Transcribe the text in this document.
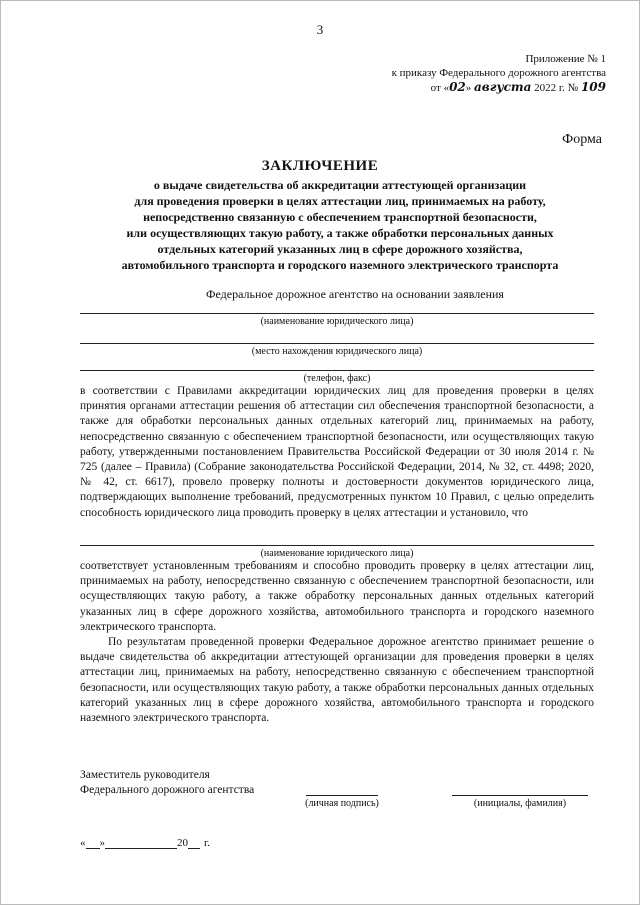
3
Приложение № 1
к приказу Федерального дорожного агентства
от «02» августа 2022 г. № 109
Форма
ЗАКЛЮЧЕНИЕ
о выдаче свидетельства об аккредитации аттестующей организации
для проведения проверки в целях аттестации лиц, принимаемых на работу,
непосредственно связанную с обеспечением транспортной безопасности,
или осуществляющих такую работу, а также обработки персональных данных
отдельных категорий указанных лиц в сфере дорожного хозяйства,
автомобильного транспорта и городского наземного электрического транспорта
Федеральное дорожное агентство на основании заявления
(наименование юридического лица)
(место нахождения юридического лица)
(телефон, факс)

в соответствии с Правилами аккредитации юридических лиц для проведения проверки в целях принятия органами аттестации решения об аттестации сил обеспечения транспортной безопасности, а также для обработки персональных данных отдельных категорий лиц, принимаемых на работу, непосредственно связанную с обеспечением транспортной безопасности, или осуществляющих такую работу, утвержденными постановлением Правительства Российской Федерации от 30 июля 2014 г. № 725 (далее – Правила) (Собрание законодательства Российской Федерации, 2014, № 32, ст. 4498; 2020, № 42, ст. 6617), провело проверку полноты и достоверности документов юридического лица, подтверждающих выполнение требований, предусмотренных пунктом 10 Правил, с целью определить способность юридического лица проводить проверку в целях аттестации и установило, что

(наименование юридического лица)

соответствует установленным требованиям и способно проводить проверку в целях аттестации лиц, принимаемых на работу, непосредственно связанную с обеспечением транспортной безопасности, или осуществляющих такую работу, а также обработку персональных данных отдельных категорий указанных лиц в сфере дорожного хозяйства, автомобильного транспорта и городского наземного электрического транспорта.

По результатам проведенной проверки Федеральное дорожное агентство принимает решение о выдаче свидетельства об аккредитации аттестующей организации для проведения проверки в целях аттестации лиц, принимаемых на работу, непосредственно связанную с обеспечением транспортной безопасности, или осуществляющих такую работу, а также обработки персональных данных отдельных категорий указанных лиц в сфере дорожного хозяйства, автомобильного транспорта и городского наземного электрического транспорта.

Заместитель руководителя
Федерального дорожного агентства
(личная подпись)	(инициалы, фамилия)
« »	20 г.
